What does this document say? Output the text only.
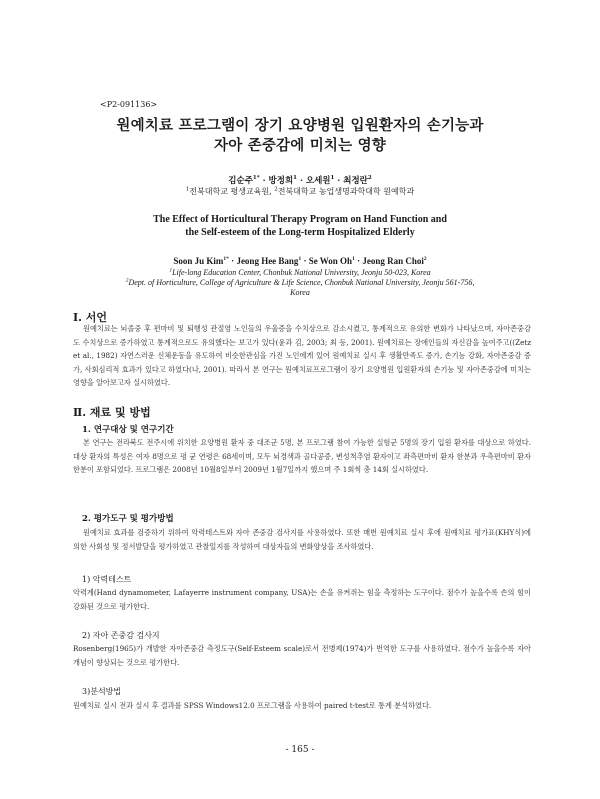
<P2-091136>
원예치료 프로그램이 장기 요양병원 입원환자의 손기능과
자아 존중감에 미치는 영향
김순주$^{1*}$ · 방정희$^1$ · 오세원$^1$ · 최정란$^2$
$^1$전북대학교 평생교육원, $^2$전북대학교 농업생명과학대학 원예학과
The Effect of Horticultural Therapy Program on Hand Function and
the Self-esteem of the Long-term Hospitalized Elderly
Soon Ju Kim$^{1*}$ · Jeong Hee Bang$^1$ · Se Won $Oh^1$ · Jeong Ran Choi$^2$
$^1$Life-long Education Center, Chonbuk National University, Jeonju 50-023, Korea
$^2$Dept. of Horticulture, College of Agriculture & Life Science, Chonbuk National University, Jeonju 561-756, Korea
Ⅰ. 서언
원예치료는 뇌졸중 후 편마비 및 퇴행성 관절염 노인들의 우울증을 수치상으로 감소시켰고, 통계적으로 유의한 변화가 나타났으며, 자아존중감도 수치상으로 증가하였고 통계적으로도 유의했다는 보고가 있다(윤과 김, 2003; 최 등, 2001). 원예치료는 장애인들의 자신감을 높여주고((Zetz et al., 1982) 자연스러운 신체운동을 유도하여 비슷한관심을 가진 노인에게 있어 원예치료 실시 후 생활만족도 증가, 손기능 강화, 자아존중감 증가, 사회심리적 효과가 있다고 하였다(나, 2001). 따라서 본 연구는 원예치료프로그램이 장기 요양병원 입원환자의 손기능 및 자아존중감에 미치는 영향을 알아보고자 실시하였다.
Ⅱ. 재료 및 방법
1. 연구대상 및 연구기간
본 연구는 전라북도 전주시에 위치한 요양병원 환자 중 대조군 5명, 본 프로그램 참여 가능한 실험군 5명의 장기 입원 환자를 대상으로 하였다. 대상 환자의 특성은 여자 8명으로 평 균 연령은 68세이며, 모두 뇌경색과 골다공증, 변성척추염 환자이고 좌측편마비 환자 한분과 우측편마비 환자 한분이 포함되었다. 프로그램은 2008년 10월8일부터 2009년 1월7일까지 했으며 주 1회씩 총 14회 실시하였다.
2. 평가도구 및 평가방법
원예치료 효과를 검증하기 위하여 악력테스트와 자아 존중감 검사지를 사용하였다. 또한 매번 원예치료 실시 후에 원예치료 평가표(KHY식)에 의한 사회성 및 정서발달을 평가하였고 관찰일지를 작성하여 대상자들의 변화양상을 조사하였다.
1) 악력테스트
악력계(Hand dynamometer, Lafayerre instrument company, USA)는 손을 유켜쥐는 힘을 측정하는 도구이다. 점수가 높을수록 손의 힘이 강화된 것으로 평가한다.
2) 자아 존중감 검사지
Rosenberg(1965)가 개발한 자아존중감 측정도구(Self-Esteem scale)로서 전병제(1974)가 번역한 도구를 사용하였다. 점수가 높을수록 자아개념이 향상되는 것으로 평가한다.
3)분석방법
원예치료 실시 전과 실시 후 결과를 SPSS Windows12.0 프로그램을 사용하여 paired t-test로 통계 분석하였다.
- 165 -
